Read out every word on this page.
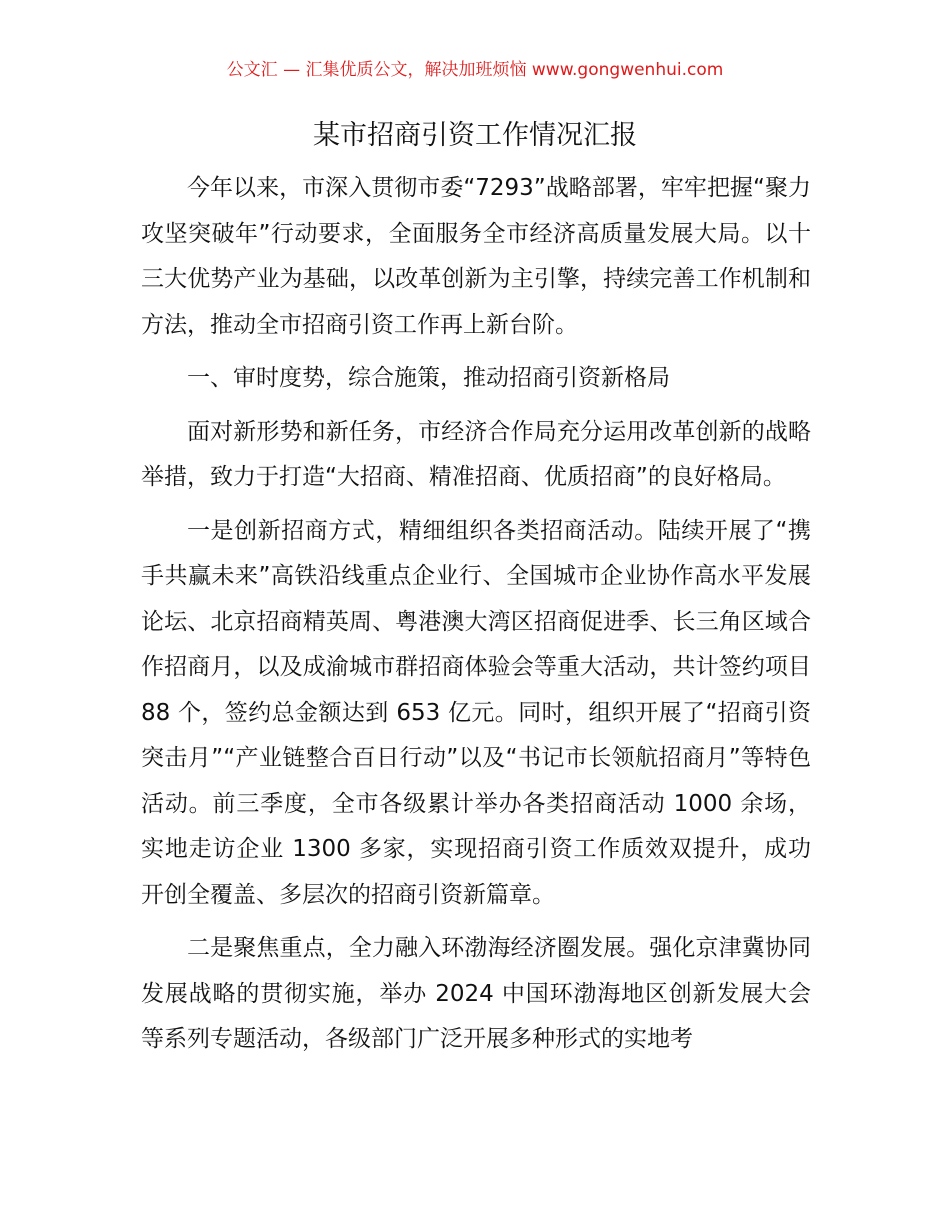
公文汇 — 汇集优质公文，解决加班烦恼 www.gongwenhui.com
某市招商引资工作情况汇报

今年以来，市深入贯彻市委“7293”战略部署，牢牢把握“聚力攻坚突破年”行动要求，全面服务全市经济高质量发展大局。以十三大优势产业为基础，以改革创新为主引擎，持续完善工作机制和方法，推动全市招商引资工作再上新台阶。

一、审时度势，综合施策，推动招商引资新格局

面对新形势和新任务，市经济合作局充分运用改革创新的战略举措，致力于打造“大招商、精准招商、优质招商”的良好格局。

一是创新招商方式，精细组织各类招商活动。陆续开展了“携手共赢未来”高铁沿线重点企业行、全国城市企业协作高水平发展论坛、北京招商精英周、粤港澳大湾区招商促进季、长三角区域合作招商月，以及成渝城市群招商体验会等重大活动，共计签约项目 88 个，签约总金额达到 653 亿元。同时，组织开展了“招商引资突击月”“产业链整合百日行动”以及“书记市长领航招商月”等特色活动。前三季度，全市各级累计举办各类招商活动 1000 余场，实地走访企业 1300 多家，实现招商引资工作质效双提升，成功开创全覆盖、多层次的招商引资新篇章。

二是聚焦重点，全力融入环渤海经济圈发展。强化京津冀协同发展战略的贯彻实施，举办 2024 中国环渤海地区创新发展大会等系列专题活动，各级部门广泛开展多种形式的实地考
